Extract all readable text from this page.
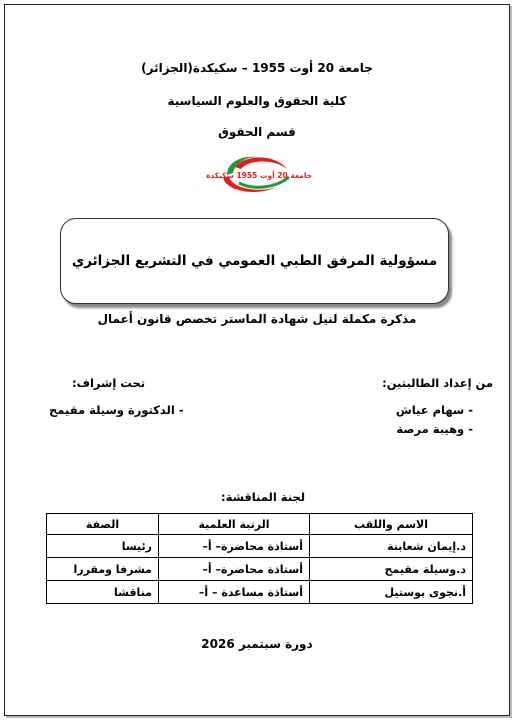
جامعة 20 أوت 1955 – سكيكدة(الجزائر)
كلية الحقوق والعلوم السياسية
قسم الحقوق
جامعة 20 أوت 1955 سكيكدة
مسؤولية المرفق الطبي العمومي في التشريع الجزائري
مذكرة مكملة لنيل شهادة الماستر تخصص قانون أعمال
من إعداد الطالبتين:
- سهام عياش
- وهيبة مرصة
تحت إشراف:
- الدكتورة وسيلة مقيمح
لجنة المناقشة:
الاسم واللقب	الرتبة العلمية	الصفة
د.إيمان شعابنة	أستاذة محاضرة– أ–	رئيسا
د.وسيلة مقيمح	أستاذة محاضرة– أ–	مشرفا ومقررا
أ.نجوى بوستيل	أستاذة مساعدة – أ–	مناقشا
دورة سبتمبر 2026
